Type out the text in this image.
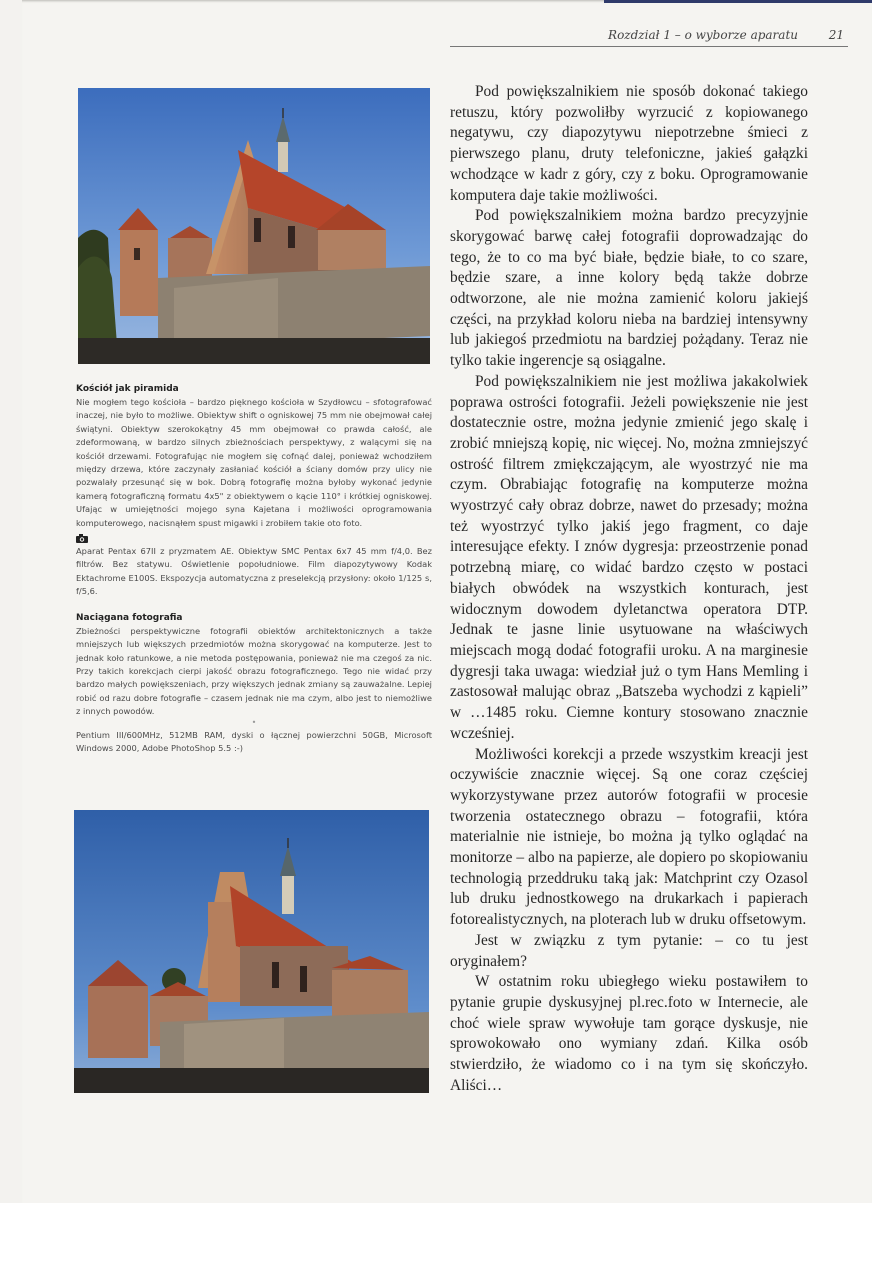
Rozdział 1 – o wyborze aparatu	21
Kościół jak piramida

Nie mogłem tego kościoła – bardzo pięknego kościoła w Szydłowcu – sfotografować inaczej, nie było to możliwe. Obiektyw shift o ogniskowej 75 mm nie obejmował całej świątyni. Obiektyw szerokokątny 45 mm obejmował co prawda całość, ale zdeformowaną, w bardzo silnych zbieżnościach perspektywy, z walącymi się na kościół drzewami. Fotografując nie mogłem się cofnąć dalej, ponieważ wchodziłem między drzewa, które zaczynały zasłaniać kościół a ściany domów przy ulicy nie pozwalały przesunąć się w bok. Dobrą fotografię można byłoby wykonać jedynie kamerą fotograficzną formatu 4x5" z obiektywem o kącie 110° i krótkiej ogniskowej. Ufając w umiejętności mojego syna Kajetana i możliwości oprogramowania komputerowego, nacisnąłem spust migawki i zrobiłem takie oto foto.

Aparat Pentax 67II z pryzmatem AE. Obiektyw SMC Pentax 6x7 45 mm f/4,0. Bez filtrów. Bez statywu. Oświetlenie popołudniowe. Film diapozytywowy Kodak Ektachrome E100S. Ekspozycja automatyczna z preselekcją przysłony: około 1/125 s, f/5,6.

Naciągana fotografia

Zbieżności perspektywiczne fotografii obiektów architektonicznych a także mniejszych lub większych przedmiotów można skorygować na komputerze. Jest to jednak koło ratunkowe, a nie metoda postępowania, ponieważ nie ma czegoś za nic. Przy takich korekcjach cierpi jakość obrazu fotograficznego. Tego nie widać przy bardzo małych powiększeniach, przy większych jednak zmiany są zauważalne. Lepiej robić od razu dobre fotografie – czasem jednak nie ma czym, albo jest to niemożliwe z innych powodów.

•

Pentium III/600MHz, 512MB RAM, dyski o łącznej powierzchni 50GB, Microsoft Windows 2000, Adobe PhotoShop 5.5 :-)

Pod powiększalnikiem nie sposób dokonać takiego retuszu, który pozwoliłby wyrzucić z kopiowanego negatywu, czy diapozytywu niepotrzebne śmieci z pierwszego planu, druty telefoniczne, jakieś gałązki wchodzące w kadr z góry, czy z boku. Oprogramowanie komputera daje takie możliwości.

Pod powiększalnikiem można bardzo precyzyjnie skorygować barwę całej fotografii doprowadzając do tego, że to co ma być białe, będzie białe, to co szare, będzie szare, a inne kolory będą także dobrze odtworzone, ale nie można zamienić koloru jakiejś części, na przykład koloru nieba na bardziej intensywny lub jakiegoś przedmiotu na bardziej pożądany. Teraz nie tylko takie ingerencje są osiągalne.

Pod powiększalnikiem nie jest możliwa jakakolwiek poprawa ostrości fotografii. Jeżeli powiększenie nie jest dostatecznie ostre, można jedynie zmienić jego skalę i zrobić mniejszą kopię, nic więcej. No, można zmniejszyć ostrość filtrem zmiękczającym, ale wyostrzyć nie ma czym. Obrabiając fotografię na komputerze można wyostrzyć cały obraz dobrze, nawet do przesady; można też wyostrzyć tylko jakiś jego fragment, co daje interesujące efekty. I znów dygresja: przeostrzenie ponad potrzebną miarę, co widać bardzo często w postaci białych obwódek na wszystkich konturach, jest widocznym dowodem dyletanctwa operatora DTP. Jednak te jasne linie usytuowane na właściwych miejscach mogą dodać fotografii uroku. A na marginesie dygresji taka uwaga: wiedział już o tym Hans Memling i zastosował malując obraz „Batszeba wychodzi z kąpieli” w …1485 roku. Ciemne kontury stosowano znacznie wcześniej.

Możliwości korekcji a przede wszystkim kreacji jest oczywiście znacznie więcej. Są one coraz częściej wykorzystywane przez autorów fotografii w procesie tworzenia ostatecznego obrazu – fotografii, która materialnie nie istnieje, bo można ją tylko oglądać na monitorze – albo na papierze, ale dopiero po skopiowaniu technologią przeddruku taką jak: Matchprint czy Ozasol lub druku jednostkowego na drukarkach i papierach fotorealistycznych, na ploterach lub w druku offsetowym.

Jest w związku z tym pytanie: – co tu jest oryginałem?

W ostatnim roku ubiegłego wieku postawiłem to pytanie grupie dyskusyjnej pl.rec.foto w Internecie, ale choć wiele spraw wywołuje tam gorące dyskusje, nie sprowokowało ono wymiany zdań. Kilka osób stwierdziło, że wiadomo co i na tym się skończyło. Aliści…
